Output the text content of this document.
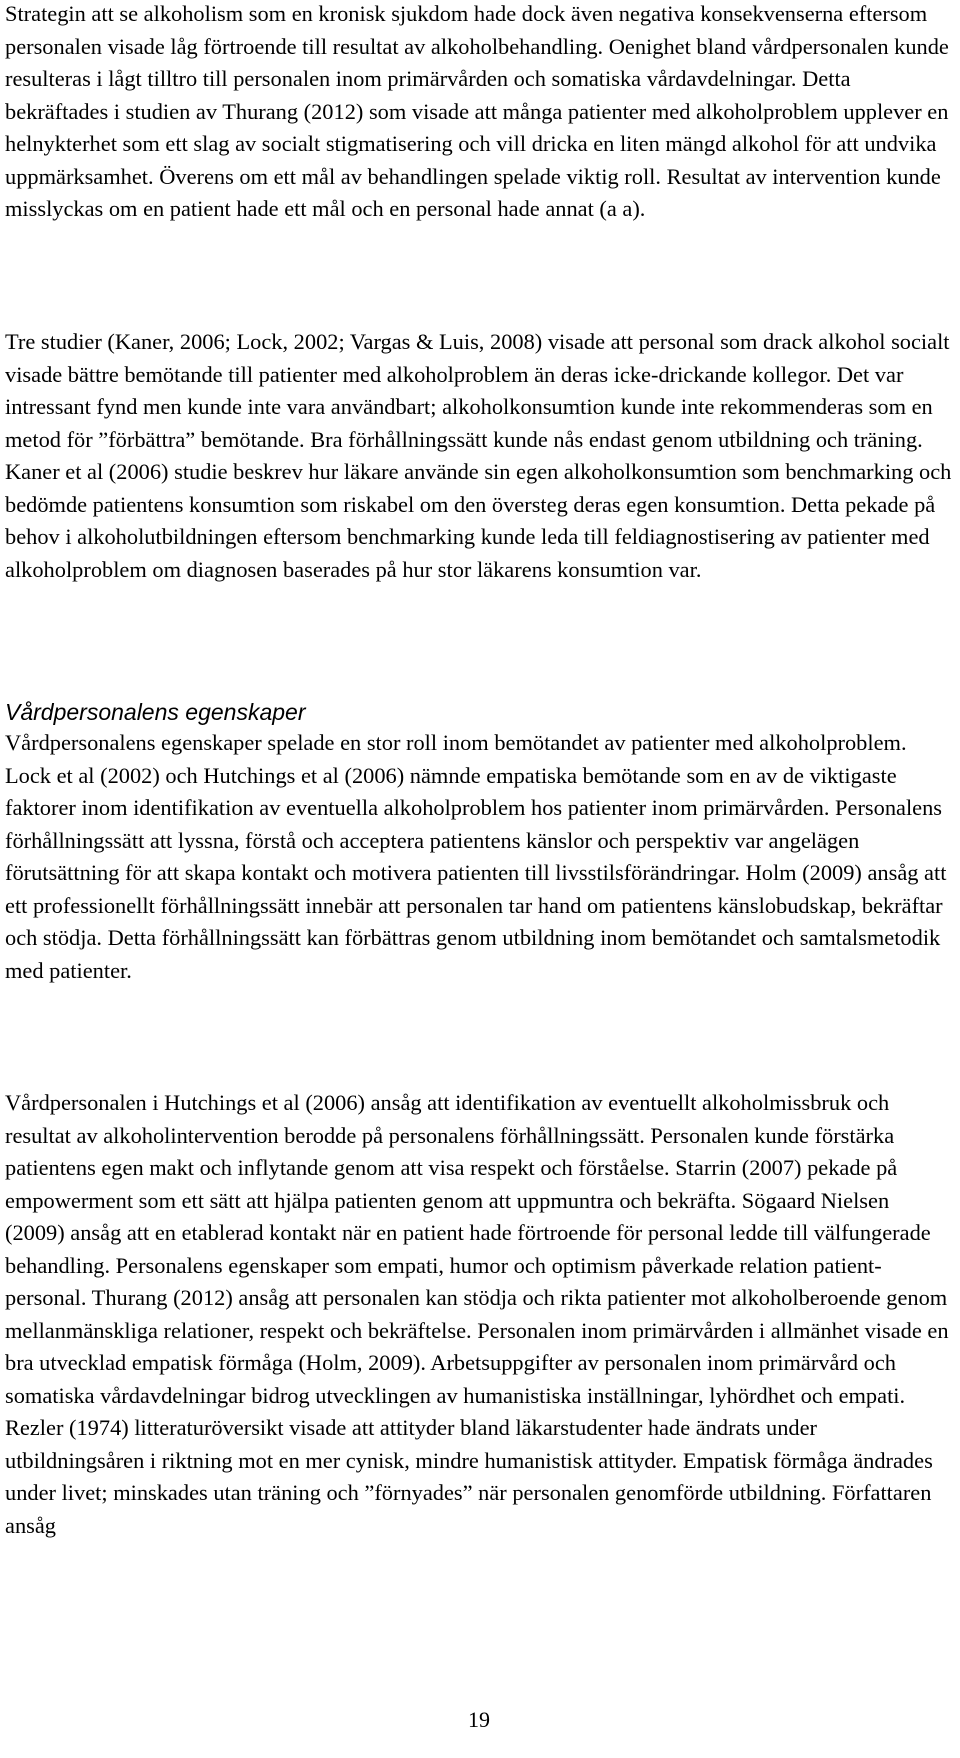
Strategin att se alkoholism som en kronisk sjukdom hade dock även negativa konsekvenserna eftersom personalen visade låg förtroende till resultat av alkoholbehandling. Oenighet bland vårdpersonalen kunde resulteras i lågt tilltro till personalen inom primärvården och somatiska vårdavdelningar. Detta bekräftades i studien av Thurang (2012) som visade att många patienter med alkoholproblem upplever en helnykterhet som ett slag av socialt stigmatisering och vill dricka en liten mängd alkohol för att undvika uppmärksamhet. Överens om ett mål av behandlingen spelade viktig roll. Resultat av intervention kunde misslyckas om en patient hade ett mål och en personal hade annat (a a).

Tre studier (Kaner, 2006; Lock, 2002; Vargas & Luis, 2008) visade att personal som drack alkohol socialt visade bättre bemötande till patienter med alkoholproblem än deras icke-drickande kollegor. Det var intressant fynd men kunde inte vara användbart; alkoholkonsumtion kunde inte rekommenderas som en metod för ”förbättra” bemötande. Bra förhållningssätt kunde nås endast genom utbildning och träning. Kaner et al (2006) studie beskrev hur läkare använde sin egen alkoholkonsumtion som benchmarking och bedömde patientens konsumtion som riskabel om den översteg deras egen konsumtion. Detta pekade på behov i alkoholutbildningen eftersom benchmarking kunde leda till feldiagnostisering av patienter med alkoholproblem om diagnosen baserades på hur stor läkarens konsumtion var.

Vårdpersonalens egenskaper

Vårdpersonalens egenskaper spelade en stor roll inom bemötandet av patienter med alkoholproblem. Lock et al (2002) och Hutchings et al (2006) nämnde empatiska bemötande som en av de viktigaste faktorer inom identifikation av eventuella alkoholproblem hos patienter inom primärvården. Personalens förhållningssätt att lyssna, förstå och acceptera patientens känslor och perspektiv var angelägen förutsättning för att skapa kontakt och motivera patienten till livsstilsförändringar. Holm (2009) ansåg att ett professionellt förhållningssätt innebär att personalen tar hand om patientens känslobudskap, bekräftar och stödja. Detta förhållningssätt kan förbättras genom utbildning inom bemötandet och samtalsmetodik med patienter.

Vårdpersonalen i Hutchings et al (2006) ansåg att identifikation av eventuellt alkoholmissbruk och resultat av alkoholintervention berodde på personalens förhållningssätt. Personalen kunde förstärka patientens egen makt och inflytande genom att visa respekt och förståelse. Starrin (2007) pekade på empowerment som ett sätt att hjälpa patienten genom att uppmuntra och bekräfta. Sögaard Nielsen (2009) ansåg att en etablerad kontakt när en patient hade förtroende för personal ledde till välfungerade behandling. Personalens egenskaper som empati, humor och optimism påverkade relation patient- personal. Thurang (2012) ansåg att personalen kan stödja och rikta patienter mot alkoholberoende genom mellanmänskliga relationer, respekt och bekräftelse. Personalen inom primärvården i allmänhet visade en bra utvecklad empatisk förmåga (Holm, 2009). Arbetsuppgifter av personalen inom primärvård och somatiska vårdavdelningar bidrog utvecklingen av humanistiska inställningar, lyhördhet och empati. Rezler (1974) litteraturöversikt visade att attityder bland läkarstudenter hade ändrats under utbildningsåren i riktning mot en mer cynisk, mindre humanistisk attityder. Empatisk förmåga ändrades under livet; minskades utan träning och ”förnyades” när personalen genomförde utbildning. Författaren ansåg

19
